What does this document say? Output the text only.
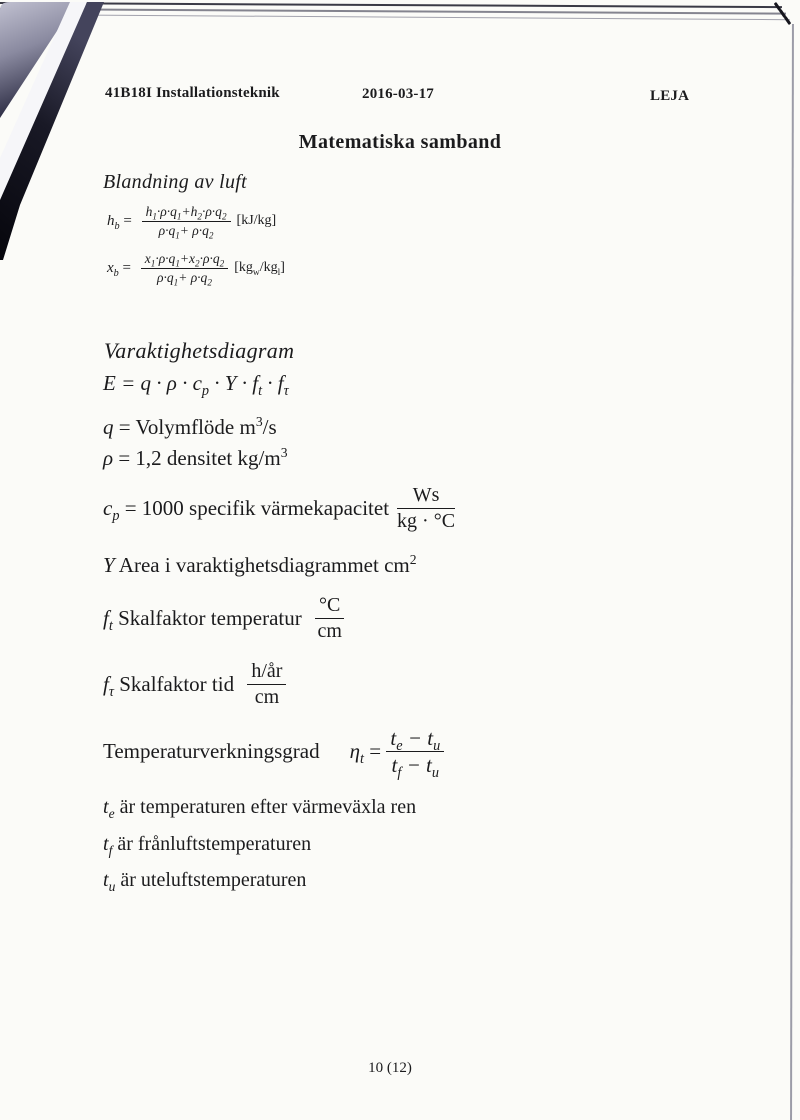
41B18I Installationsteknik	2016-03-17	LEJA
Matematiska samband
Blandning av luft
$h_b = \frac{h_1\cdot\rho\cdot q_1+h_2\cdot\rho\cdot q_2}{\rho\cdot q_1+ \rho\cdot q_2} [kJ/kg]$
$x_b = \frac{x_1\cdot\rho\cdot q_1+x_2\cdot\rho\cdot q_2}{\rho\cdot q_1+ \rho\cdot q_2} [kg_w/kg_l]$
Varaktighetsdiagram
$E = q \cdot \rho \cdot c_p \cdot Y \cdot f_t \cdot f_\tau$
q = Volymflöde $m^3/s$
ρ = 1,2 densitet $kg/m^3$
$c_p = 1000$ specifik värmekapacitet $\frac{Ws}{kg \cdot ^\circ C}$
Y Area i varaktighetsdiagrammet $cm^2$
$f_t$ Skalfaktor temperatur $\frac{^\circ C}{cm}$
$f_\tau$ Skalfaktor tid $\frac{h/år}{cm}$
Temperaturverkningsgrad $\eta_t = \frac{t_e - t_u}{t_f - t_u}$
$t_e$ är temperaturen efter värmeväxla ren
$t_f$ är frånluftstemperaturen
$t_u$ är uteluftstemperaturen
10 (12)
